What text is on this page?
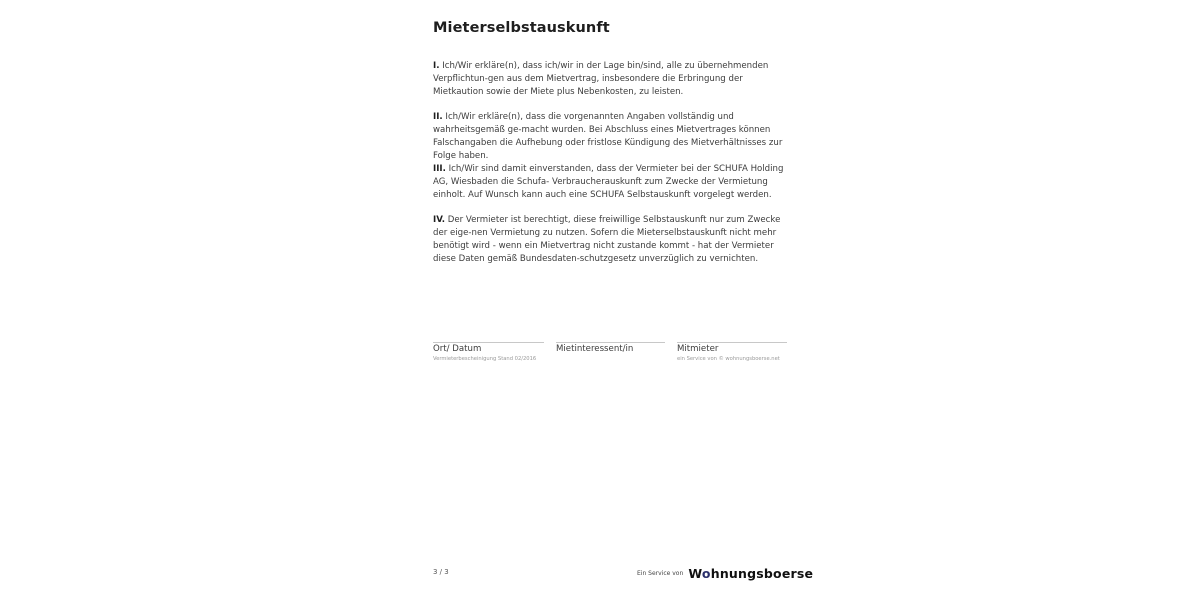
Mieterselbstauskunft
I. Ich/Wir erkläre(n), dass ich/wir in der Lage bin/sind, alle zu übernehmenden Verpflichtun-gen aus dem Mietvertrag, insbesondere die Erbringung der Mietkaution sowie der Miete plus Nebenkosten, zu leisten.
II. Ich/Wir erkläre(n), dass die vorgenannten Angaben vollständig und wahrheitsgemäß ge-macht wurden. Bei Abschluss eines Mietvertrages können Falschangaben die Aufhebung oder fristlose Kündigung des Mietverhältnisses zur Folge haben.
III. Ich/Wir sind damit einverstanden, dass der Vermieter bei der SCHUFA Holding AG, Wiesbaden die Schufa- Verbraucherauskunft zum Zwecke der Vermietung einholt. Auf Wunsch kann auch eine SCHUFA Selbstauskunft vorgelegt werden.
IV. Der Vermieter ist berechtigt, diese freiwillige Selbstauskunft nur zum Zwecke der eige-nen Vermietung zu nutzen. Sofern die Mieterselbstauskunft nicht mehr benötigt wird - wenn ein Mietvertrag nicht zustande kommt - hat der Vermieter diese Daten gemäß Bundesdaten-schutzgesetz unverzüglich zu vernichten.
Ort/ Datum
Vermieterbescheinigung Stand 02/2016
Mietinteressent/in	Mitmieter
ein Service von © wohnungsboerse.net
3 / 3	Ein Service von Wohnungsboerse
